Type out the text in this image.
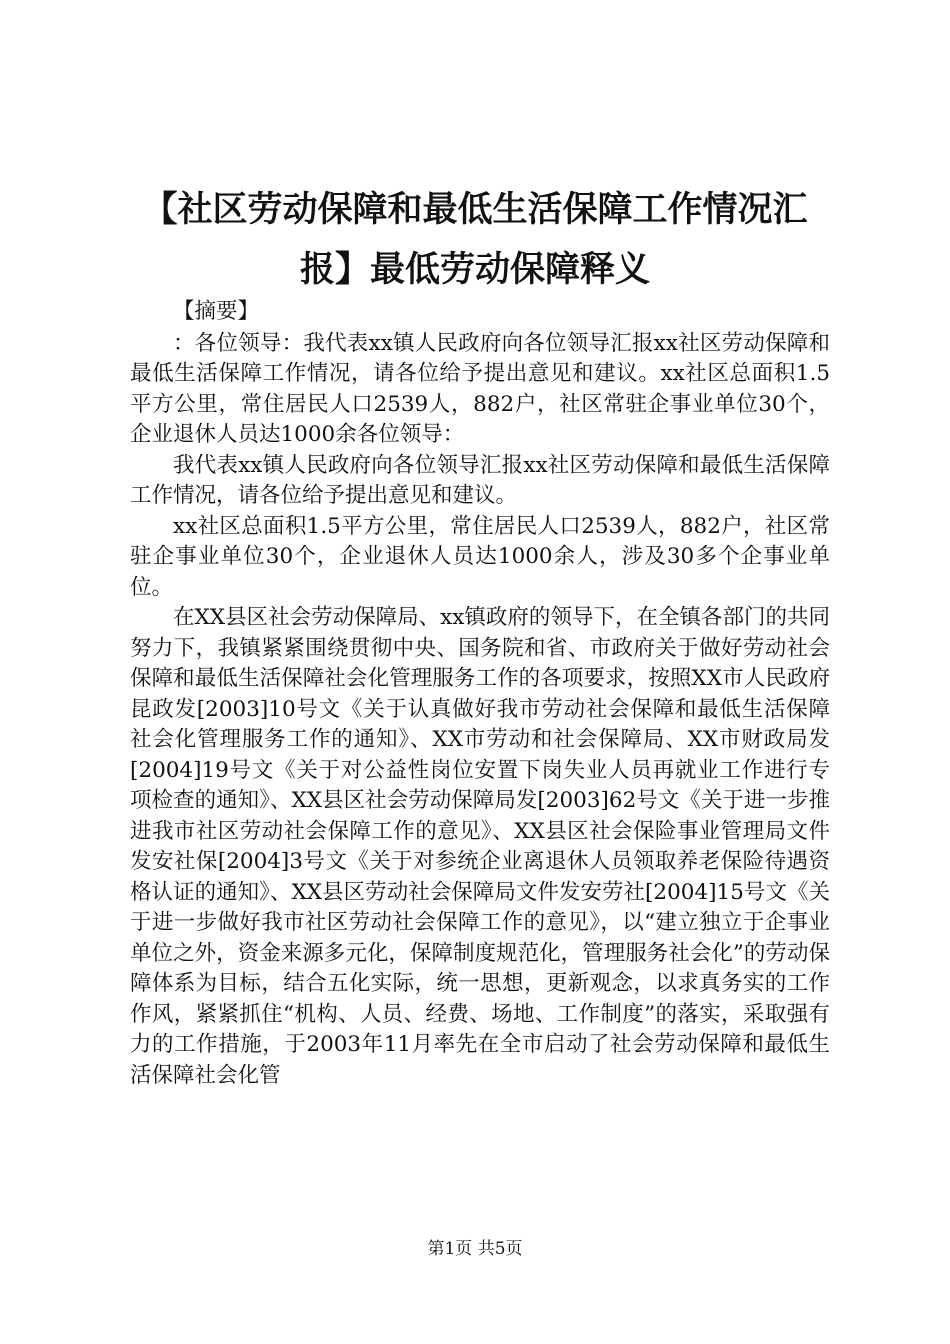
【社区劳动保障和最低生活保障工作情况汇
报】最低劳动保障释义

【摘要】

：各位领导：我代表xx镇人民政府向各位领导汇报xx社区劳动保障和最低生活保障工作情况，请各位给予提出意见和建议。xx社区总面积1.5平方公里，常住居民人口2539人，882户，社区常驻企事业单位30个，企业退休人员达1000余各位领导：

我代表xx镇人民政府向各位领导汇报xx社区劳动保障和最低生活保障工作情况，请各位给予提出意见和建议。

xx社区总面积1.5平方公里，常住居民人口2539人，882户，社区常驻企事业单位30个，企业退休人员达1000余人，涉及30多个企事业单位。

在XX县区社会劳动保障局、xx镇政府的领导下，在全镇各部门的共同努力下，我镇紧紧围绕贯彻中央、国务院和省、市政府关于做好劳动社会保障和最低生活保障社会化管理服务工作的各项要求，按照XX市人民政府昆政发[2003]10号文《关于认真做好我市劳动社会保障和最低生活保障社会化管理服务工作的通知》、XX市劳动和社会保障局、XX市财政局发[2004]19号文《关于对公益性岗位安置下岗失业人员再就业工作进行专项检查的通知》、XX县区社会劳动保障局发[2003]62号文《关于进一步推进我市社区劳动社会保障工作的意见》、XX县区社会保险事业管理局文件发安社保[2004]3号文《关于对参统企业离退休人员领取养老保险待遇资格认证的通知》、XX县区劳动社会保障局文件发安劳社[2004]15号文《关于进一步做好我市社区劳动社会保障工作的意见》，以“建立独立于企事业单位之外，资金来源多元化，保障制度规范化，管理服务社会化”的劳动保障体系为目标，结合五化实际，统一思想，更新观念，以求真务实的工作作风，紧紧抓住“机构、人员、经费、场地、工作制度”的落实，采取强有力的工作措施，于2003年11月率先在全市启动了社会劳动保障和最低生活保障社会化管

第1页 共5页
